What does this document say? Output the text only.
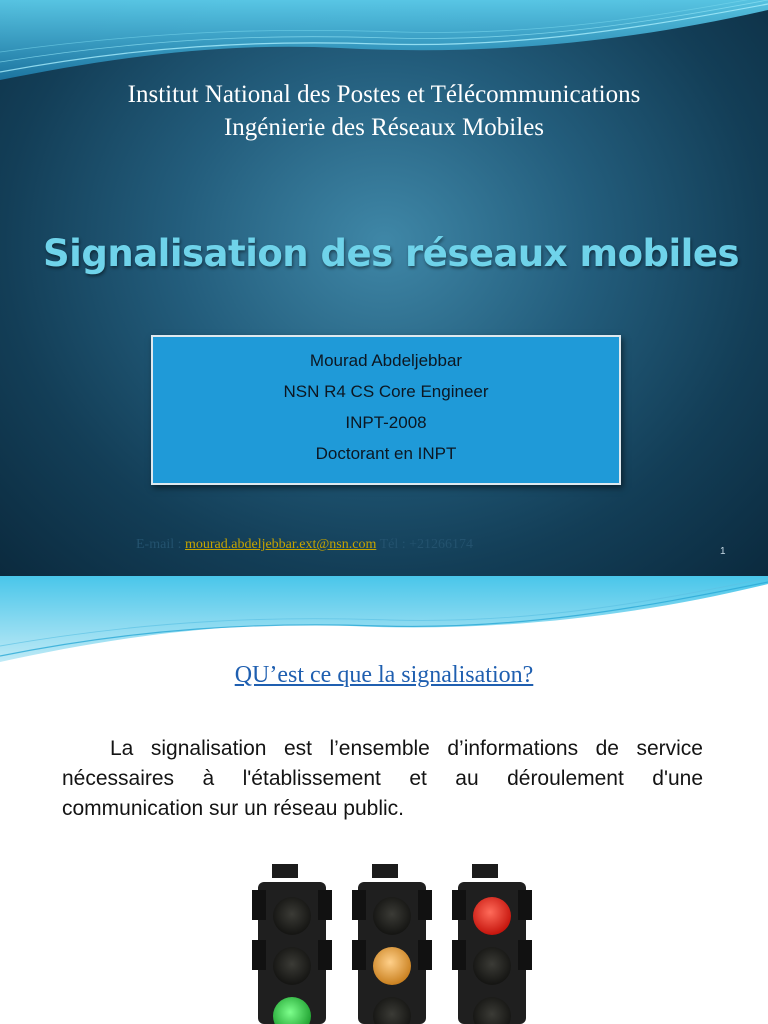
Institut National des Postes et Télécommunications
Ingénierie des Réseaux Mobiles
Signalisation des réseaux mobiles
Mourad Abdeljebbar
NSN R4 CS Core Engineer
INPT-2008
Doctorant en INPT
E-mail : mourad.abdeljebbar.ext@nsn.com Tél : +21266174	1
QU’est ce que la signalisation?
La signalisation est l’ensemble d’informations de service nécessaires à l'établissement et au déroulement d'une communication sur un réseau public.
